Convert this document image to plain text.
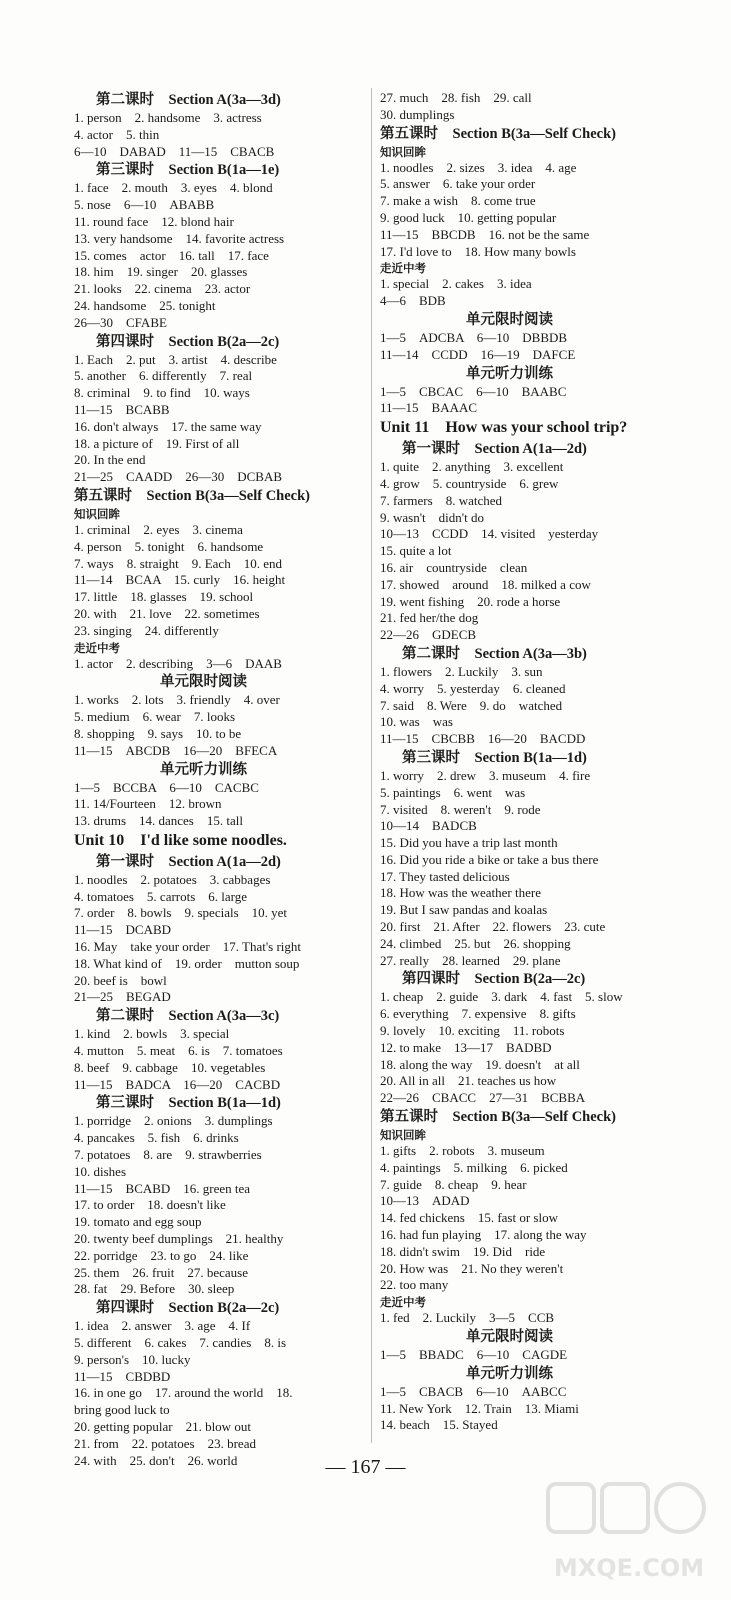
第二课时　Section A(3a—3d)
1. person　2. handsome　3. actress
4. actor　5. thin
6—10　DABAD　11—15　CBACB
第三课时　Section B(1a—1e)
1. face　2. mouth　3. eyes　4. blond
5. nose　6—10　ABABB
11. round face　12. blond hair
13. very handsome　14. favorite actress
15. comes　actor　16. tall　17. face
18. him　19. singer　20. glasses
21. looks　22. cinema　23. actor
24. handsome　25. tonight
26—30　CFABE
第四课时　Section B(2a—2c)
1. Each　2. put　3. artist　4. describe
5. another　6. differently　7. real
8. criminal　9. to find　10. ways
11—15　BCABB
16. don't always　17. the same way
18. a picture of　19. First of all
20. In the end
21—25　CAADD　26—30　DCBAB
第五课时　Section B(3a—Self Check)
知识回眸
1. criminal　2. eyes　3. cinema
4. person　5. tonight　6. handsome
7. ways　8. straight　9. Each　10. end
11—14　BCAA　15. curly　16. height
17. little　18. glasses　19. school
20. with　21. love　22. sometimes
23. singing　24. differently
走近中考
1. actor　2. describing　3—6　DAAB
单元限时阅读
1. works　2. lots　3. friendly　4. over
5. medium　6. wear　7. looks
8. shopping　9. says　10. to be
11—15　ABCDB　16—20　BFECA
单元听力训练
1—5　BCCBA　6—10　CACBC
11. 14/Fourteen　12. brown
13. drums　14. dances　15. tall
Unit 10　I'd like some noodles.
第一课时　Section A(1a—2d)
1. noodles　2. potatoes　3. cabbages
4. tomatoes　5. carrots　6. large
7. order　8. bowls　9. specials　10. yet
11—15　DCABD
16. May　take your order　17. That's right
18. What kind of　19. order　mutton soup
20. beef is　bowl
21—25　BEGAD
第二课时　Section A(3a—3c)
1. kind　2. bowls　3. special
4. mutton　5. meat　6. is　7. tomatoes
8. beef　9. cabbage　10. vegetables
11—15　BADCA　16—20　CACBD
第三课时　Section B(1a—1d)
1. porridge　2. onions　3. dumplings
4. pancakes　5. fish　6. drinks
7. potatoes　8. are　9. strawberries
10. dishes
11—15　BCABD　16. green tea
17. to order　18. doesn't like
19. tomato and egg soup
20. twenty beef dumplings　21. healthy
22. porridge　23. to go　24. like
25. them　26. fruit　27. because
28. fat　29. Before　30. sleep
第四课时　Section B(2a—2c)
1. idea　2. answer　3. age　4. If
5. different　6. cakes　7. candies　8. is
9. person's　10. lucky
11—15　CBDBD
16. in one go　17. around the world　18.
bring good luck to
20. getting popular　21. blow out
21. from　22. potatoes　23. bread
24. with　25. don't　26. world
27. much　28. fish　29. call
30. dumplings
第五课时　Section B(3a—Self Check)
知识回眸
1. noodles　2. sizes　3. idea　4. age
5. answer　6. take your order
7. make a wish　8. come true
9. good luck　10. getting popular
11—15　BBCDB　16. not be the same
17. I'd love to　18. How many bowls
走近中考
1. special　2. cakes　3. idea
4—6　BDB
单元限时阅读
1—5　ADCBA　6—10　DBBDB
11—14　CCDD　16—19　DAFCE
单元听力训练
1—5　CBCAC　6—10　BAABC
11—15　BAAAC
Unit 11　How was your school trip?
第一课时　Section A(1a—2d)
1. quite　2. anything　3. excellent
4. grow　5. countryside　6. grew
7. farmers　8. watched
9. wasn't　didn't do
10—13　CCDD　14. visited　yesterday
15. quite a lot
16. air　countryside　clean
17. showed　around　18. milked a cow
19. went fishing　20. rode a horse
21. fed her/the dog
22—26　GDECB
第二课时　Section A(3a—3b)
1. flowers　2. Luckily　3. sun
4. worry　5. yesterday　6. cleaned
7. said　8. Were　9. do　watched
10. was　was
11—15　CBCBB　16—20　BACDD
第三课时　Section B(1a—1d)
1. worry　2. drew　3. museum　4. fire
5. paintings　6. went　was
7. visited　8. weren't　9. rode
10—14　BADCB
15. Did you have a trip last month
16. Did you ride a bike or take a bus there
17. They tasted delicious
18. How was the weather there
19. But I saw pandas and koalas
20. first　21. After　22. flowers　23. cute
24. climbed　25. but　26. shopping
27. really　28. learned　29. plane
第四课时　Section B(2a—2c)
1. cheap　2. guide　3. dark　4. fast　5. slow
6. everything　7. expensive　8. gifts
9. lovely　10. exciting　11. robots
12. to make　13—17　BADBD
18. along the way　19. doesn't　at all
20. All in all　21. teaches us how
22—26　CBACC　27—31　BCBBA
第五课时　Section B(3a—Self Check)
知识回眸
1. gifts　2. robots　3. museum
4. paintings　5. milking　6. picked
7. guide　8. cheap　9. hear
10—13　ADAD
14. fed chickens　15. fast or slow
16. had fun playing　17. along the way
18. didn't swim　19. Did　ride
20. How was　21. No they weren't
22. too many
走近中考
1. fed　2. Luckily　3—5　CCB
单元限时阅读
1—5　BBADC　6—10　CAGDE
单元听力训练
1—5　CBACB　6—10　AABCC
11. New York　12. Train　13. Miami
14. beach　15. Stayed
— 167 —
MXQE.COM
